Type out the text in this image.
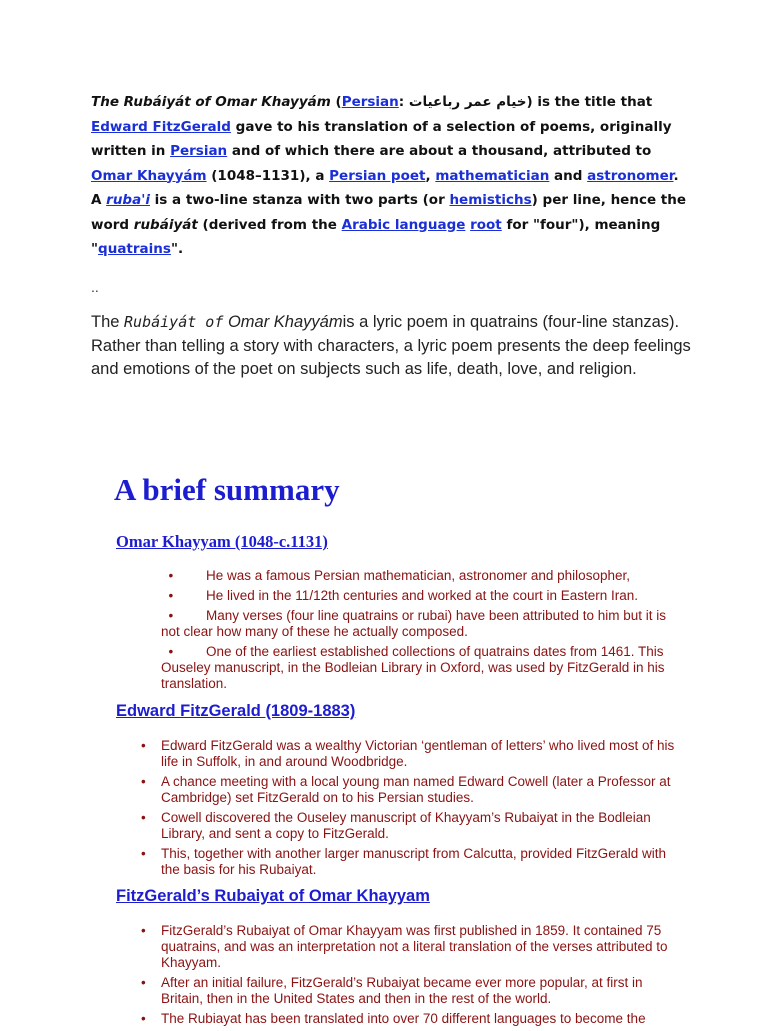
The Rubáiyát of Omar Khayyám (Persian: خیام عمر رباعیات) is the title that Edward FitzGerald gave to his translation of a selection of poems, originally written in Persian and of which there are about a thousand, attributed to Omar Khayyám (1048–1131), a Persian poet, mathematician and astronomer. A ruba'i is a two-line stanza with two parts (or hemistichs) per line, hence the word rubáiyát (derived from the Arabic language root for "four"), meaning "quatrains".
..
The Rubáiyát of Omar Khayyámis a lyric poem in quatrains (four-line stanzas). Rather than telling a story with characters, a lyric poem presents the deep feelings and emotions of the poet on subjects such as life, death, love, and religion.
A brief summary
Omar Khayyam (1048-c.1131)
• He was a famous Persian mathematician, astronomer and philosopher,
• He lived in the 11/12th centuries and worked at the court in Eastern Iran.
• Many verses (four line quatrains or rubai) have been attributed to him but it is not clear how many of these he actually composed.
• One of the earliest established collections of quatrains dates from 1461. This Ouseley manuscript, in the Bodleian Library in Oxford, was used by FitzGerald in his translation.
Edward FitzGerald (1809-1883)
• Edward FitzGerald was a wealthy Victorian ‘gentleman of letters’ who lived most of his life in Suffolk, in and around Woodbridge.
• A chance meeting with a local young man named Edward Cowell (later a Professor at Cambridge) set FitzGerald on to his Persian studies.
• Cowell discovered the Ouseley manuscript of Khayyam’s Rubaiyat in the Bodleian Library, and sent a copy to FitzGerald.
• This, together with another larger manuscript from Calcutta, provided FitzGerald with the basis for his Rubaiyat.
FitzGerald’s Rubaiyat of Omar Khayyam
• FitzGerald’s Rubaiyat of Omar Khayyam was first published in 1859. It contained 75 quatrains, and was an interpretation not a literal translation of the verses attributed to Khayyam.
• After an initial failure, FitzGerald’s Rubaiyat became ever more popular, at first in Britain, then in the United States and then in the rest of the world.
• The Rubiayat has been translated into over 70 different languages to become the
